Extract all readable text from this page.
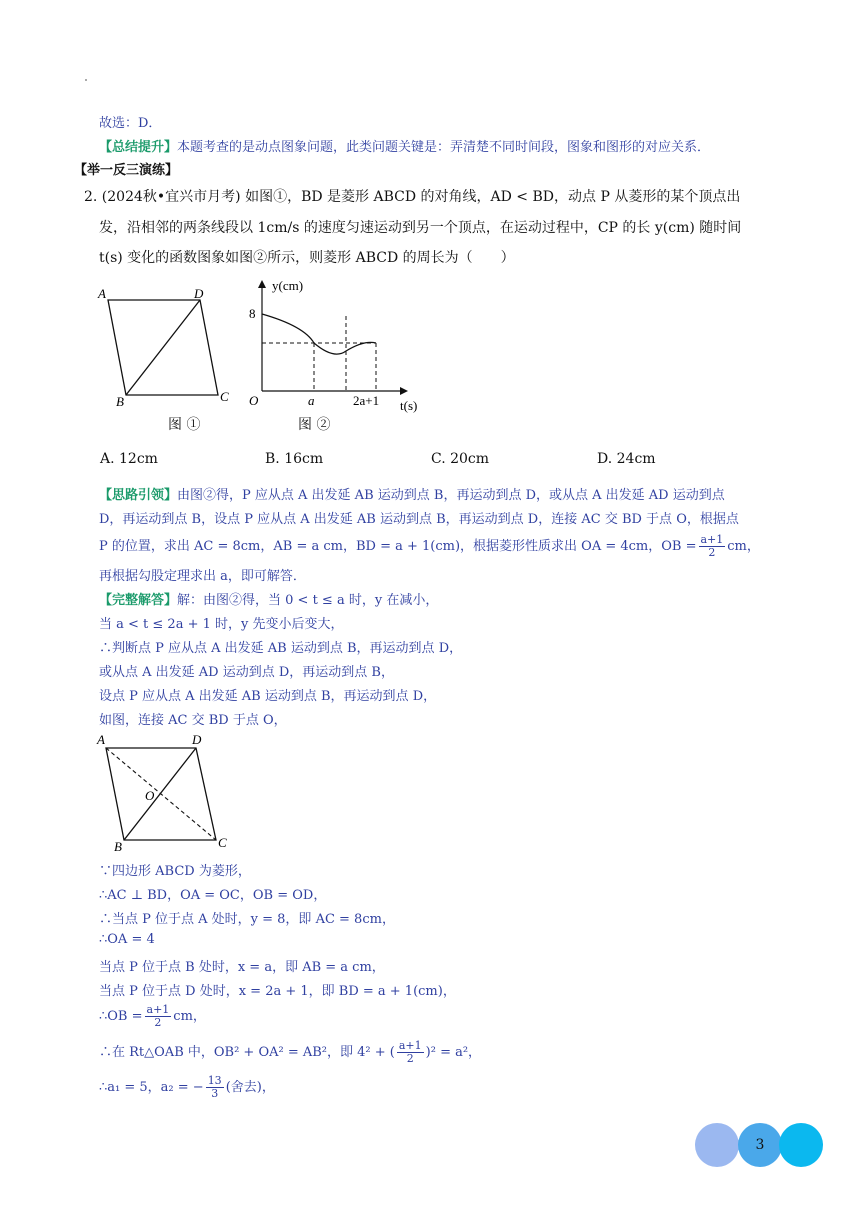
故选：D．
【总结提升】本题考查的是动点图象问题，此类问题关键是：弄清楚不同时间段，图象和图形的对应关系．
【举一反三演练】
2. (2024秋•宜兴市月考) 如图①，BD 是菱形 ABCD 的对角线，AD < BD，动点 P 从菱形的某个顶点出
发，沿相邻的两条线段以 1cm/s 的速度匀速运动到另一个顶点，在运动过程中，CP 的长 y(cm) 随时间
t(s) 变化的函数图象如图②所示，则菱形 ABCD 的周长为（　　）
A	D
B	C
图 ①
y(cm)
8
O	a	2a+1 t(s)
图 ②
A. 12cm	B. 16cm	C. 20cm	D. 24cm
【思路引领】由图②得，P 应从点 A 出发延 AB 运动到点 B，再运动到点 D，或从点 A 出发延 AD 运动到点
D，再运动到点 B，设点 P 应从点 A 出发延 AB 运动到点 B，再运动到点 D，连接 AC 交 BD 于点 O，根据点
P 的位置，求出 AC = 8cm，AB = a cm，BD = a + 1(cm)，根据菱形性质求出 OA = 4cm，OB = $\frac{a+1}{2}$ cm，
再根据勾股定理求出 a，即可解答．
【完整解答】解：由图②得，当 0 < t ≤ a 时，y 在减小，
当 a < t ≤ 2a + 1 时，y 先变小后变大，
∴判断点 P 应从点 A 出发延 AB 运动到点 B，再运动到点 D，
或从点 A 出发延 AD 运动到点 D，再运动到点 B，
设点 P 应从点 A 出发延 AB 运动到点 B，再运动到点 D，
如图，连接 AC 交 BD 于点 O，
A	D
B	C
O
∵四边形 ABCD 为菱形，
∴AC ⊥ BD，OA = OC，OB = OD，
∴当点 P 位于点 A 处时，y = 8，即 AC = 8cm，
∴OA = 4
当点 P 位于点 B 处时，x = a，即 AB = a cm，
当点 P 位于点 D 处时，x = 2a + 1，即 BD = a + 1(cm)，
∴OB = $\frac{a+1}{2}$ cm，
∴在 Rt△OAB 中，OB² + OA² = AB²，即 4² + ( $\frac{a+1}{2} )^2 = a^2$，
∴a₁ = 5，a₂ = − $\frac{13}{3}$ (舍去)，
3
